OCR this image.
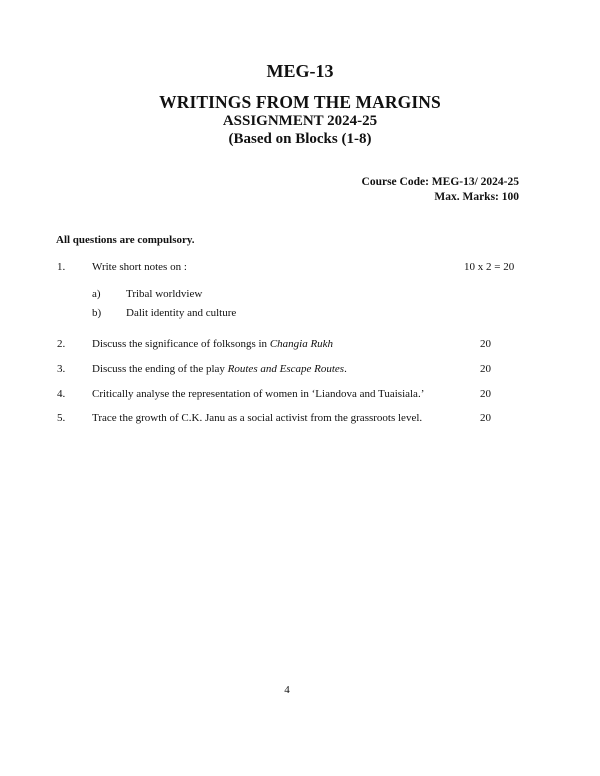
MEG-13
WRITINGS FROM THE MARGINS
ASSIGNMENT 2024-25
(Based on Blocks (1-8)
Course Code: MEG-13/ 2024-25
Max. Marks: 100
All questions are compulsory.
1. Write short notes on :	10 x 2 = 20
a) Tribal worldview
b) Dalit identity and culture
2. Discuss the significance of folksongs in Changia Rukh	20
3. Discuss the ending of the play Routes and Escape Routes.	20
4. Critically analyse the representation of women in ‘Liandova and Tuaisiala.’	20
5. Trace the growth of C.K. Janu as a social activist from the grassroots level.	20
4
